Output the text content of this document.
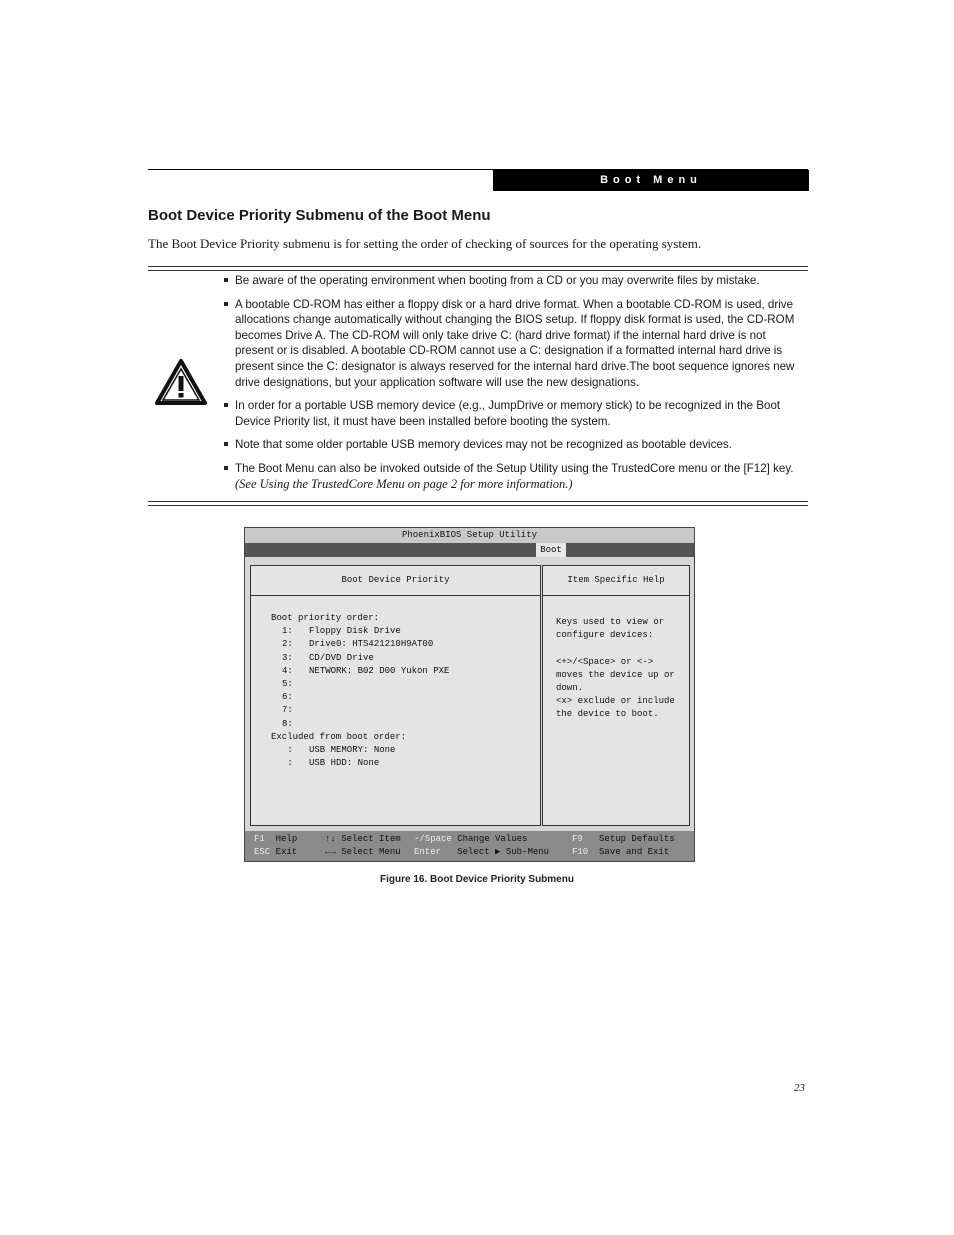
Boot Menu
Boot Device Priority Submenu of the Boot Menu
The Boot Device Priority submenu is for setting the order of checking of sources for the operating system.
Be aware of the operating environment when booting from a CD or you may overwrite files by mistake.
A bootable CD-ROM has either a floppy disk or a hard drive format. When a bootable CD-ROM is used, drive allocations change automatically without changing the BIOS setup. If floppy disk format is used, the CD-ROM becomes Drive A. The CD-ROM will only take drive C: (hard drive format) if the internal hard drive is not present or is disabled. A bootable CD-ROM cannot use a C: designation if a formatted internal hard drive is present since the C: designator is always reserved for the internal hard drive.The boot sequence ignores new drive designations, but your application software will use the new designations.
In order for a portable USB memory device (e.g., JumpDrive or memory stick) to be recognized in the Boot Device Priority list, it must have been installed before booting the system.
Note that some older portable USB memory devices may not be recognized as bootable devices.
The Boot Menu can also be invoked outside of the Setup Utility using the TrustedCore menu or the [F12] key. (See Using the TrustedCore Menu on page 2 for more information.)
PhoenixBIOS Setup Utility
Boot
Boot Device Priority
Boot priority order:
1:   Floppy Disk Drive
2:   Drive0: HTS421210H9AT00
3:   CD/DVD Drive
4:   NETWORK: B02 D00 Yukon PXE
5:
6:
7:
8:
Excluded from boot order:
:   USB MEMORY: None
:   USB HDD: None
Item Specific Help
Keys used to view or
configure devices:

<+>/<Space> or <->
moves the device up or
down.
<x> exclude or include
the device to boot.
F1 Help
ESC Exit
↑↓ Select Item
←→ Select Menu
-/Space Change Values
Enter Select ▶ Sub-Menu
F9 Setup Defaults
F10 Save and Exit
Figure 16. Boot Device Priority Submenu
23
